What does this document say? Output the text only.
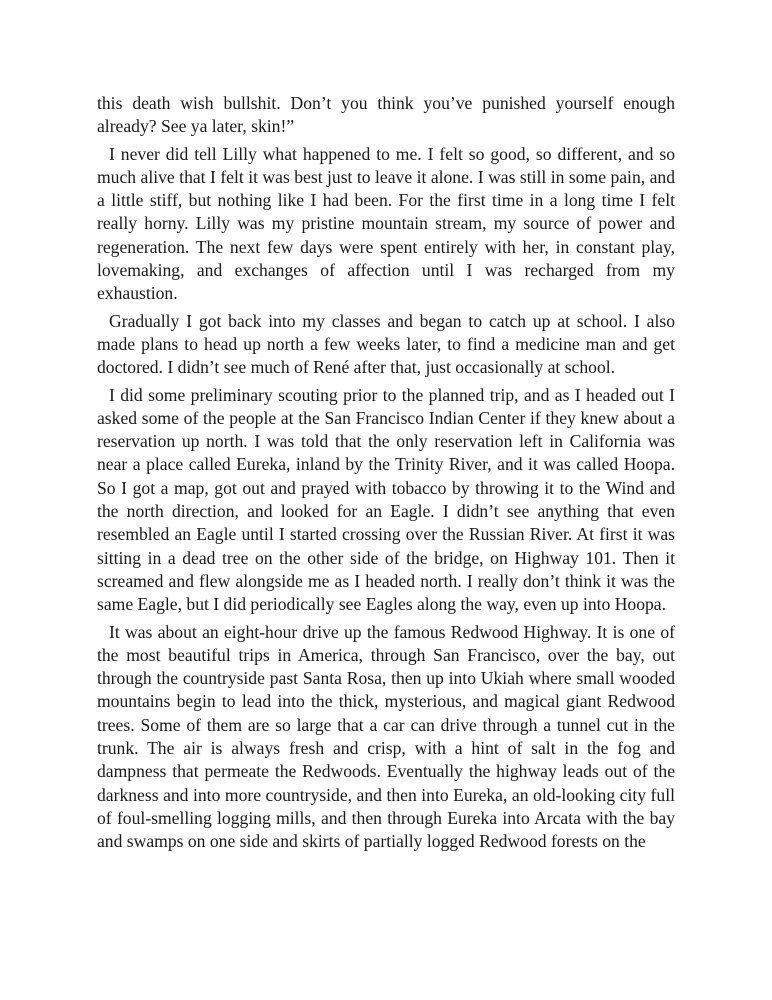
this death wish bullshit. Don’t you think you’ve punished yourself enough already? See ya later, skin!”

I never did tell Lilly what happened to me. I felt so good, so different, and so much alive that I felt it was best just to leave it alone. I was still in some pain, and a little stiff, but nothing like I had been. For the first time in a long time I felt really horny. Lilly was my pristine mountain stream, my source of power and regeneration. The next few days were spent entirely with her, in constant play, lovemaking, and exchanges of affection until I was recharged from my exhaustion.

Gradually I got back into my classes and began to catch up at school. I also made plans to head up north a few weeks later, to find a medicine man and get doctored. I didn’t see much of René after that, just occasionally at school.

I did some preliminary scouting prior to the planned trip, and as I headed out I asked some of the people at the San Francisco Indian Center if they knew about a reservation up north. I was told that the only reservation left in California was near a place called Eureka, inland by the Trinity River, and it was called Hoopa. So I got a map, got out and prayed with tobacco by throwing it to the Wind and the north direction, and looked for an Eagle. I didn’t see anything that even resembled an Eagle until I started crossing over the Russian River. At first it was sitting in a dead tree on the other side of the bridge, on Highway 101. Then it screamed and flew alongside me as I headed north. I really don’t think it was the same Eagle, but I did periodically see Eagles along the way, even up into Hoopa.

It was about an eight-hour drive up the famous Redwood Highway. It is one of the most beautiful trips in America, through San Francisco, over the bay, out through the countryside past Santa Rosa, then up into Ukiah where small wooded mountains begin to lead into the thick, mysterious, and magical giant Redwood trees. Some of them are so large that a car can drive through a tunnel cut in the trunk. The air is always fresh and crisp, with a hint of salt in the fog and dampness that permeate the Redwoods. Eventually the highway leads out of the darkness and into more countryside, and then into Eureka, an old-looking city full of foul-smelling logging mills, and then through Eureka into Arcata with the bay and swamps on one side and skirts of partially logged Redwood forests on the
